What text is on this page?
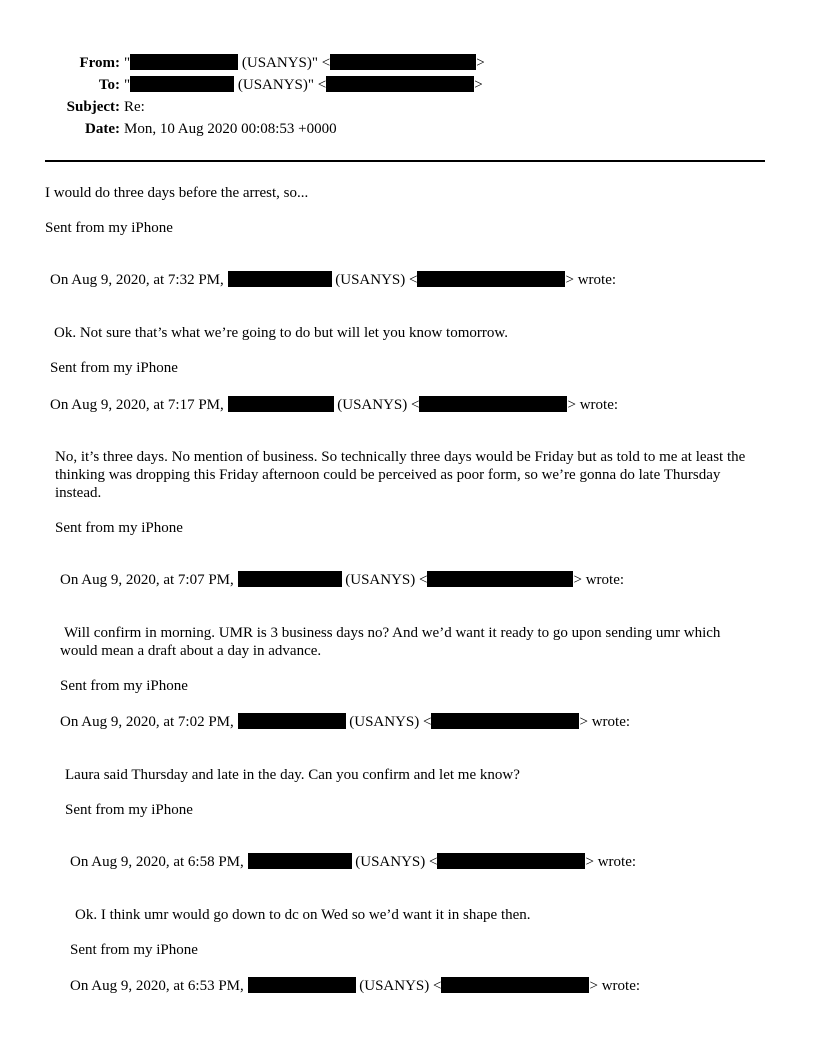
From: "	(USANYS)" <	>
To: "	(USANYS)" <	>
Subject: Re:
Date: Mon, 10 Aug 2020 00:08:53 +0000
I would do three days before the arrest, so...
Sent from my iPhone
On Aug 9, 2020, at 7:32 PM,	(USANYS) <	> wrote:
Ok. Not sure that’s what we’re going to do but will let you know tomorrow.
Sent from my iPhone
On Aug 9, 2020, at 7:17 PM,	(USANYS) <	> wrote:
No, it’s three days. No mention of business. So technically three days would be Friday but as told to me at least the thinking was dropping this Friday afternoon could be perceived as poor form, so we’re gonna do late Thursday instead.
Sent from my iPhone
On Aug 9, 2020, at 7:07 PM,	(USANYS) <	> wrote:
Will confirm in morning. UMR is 3 business days no? And we’d want it ready to go upon sending umr which would mean a draft about a day in advance.
Sent from my iPhone
On Aug 9, 2020, at 7:02 PM,	(USANYS) <	> wrote:
Laura said Thursday and late in the day. Can you confirm and let me know?
Sent from my iPhone
On Aug 9, 2020, at 6:58 PM,	(USANYS) <	> wrote:
Ok. I think umr would go down to dc on Wed so we’d want it in shape then.
Sent from my iPhone
On Aug 9, 2020, at 6:53 PM,	(USANYS) <	> wrote:
